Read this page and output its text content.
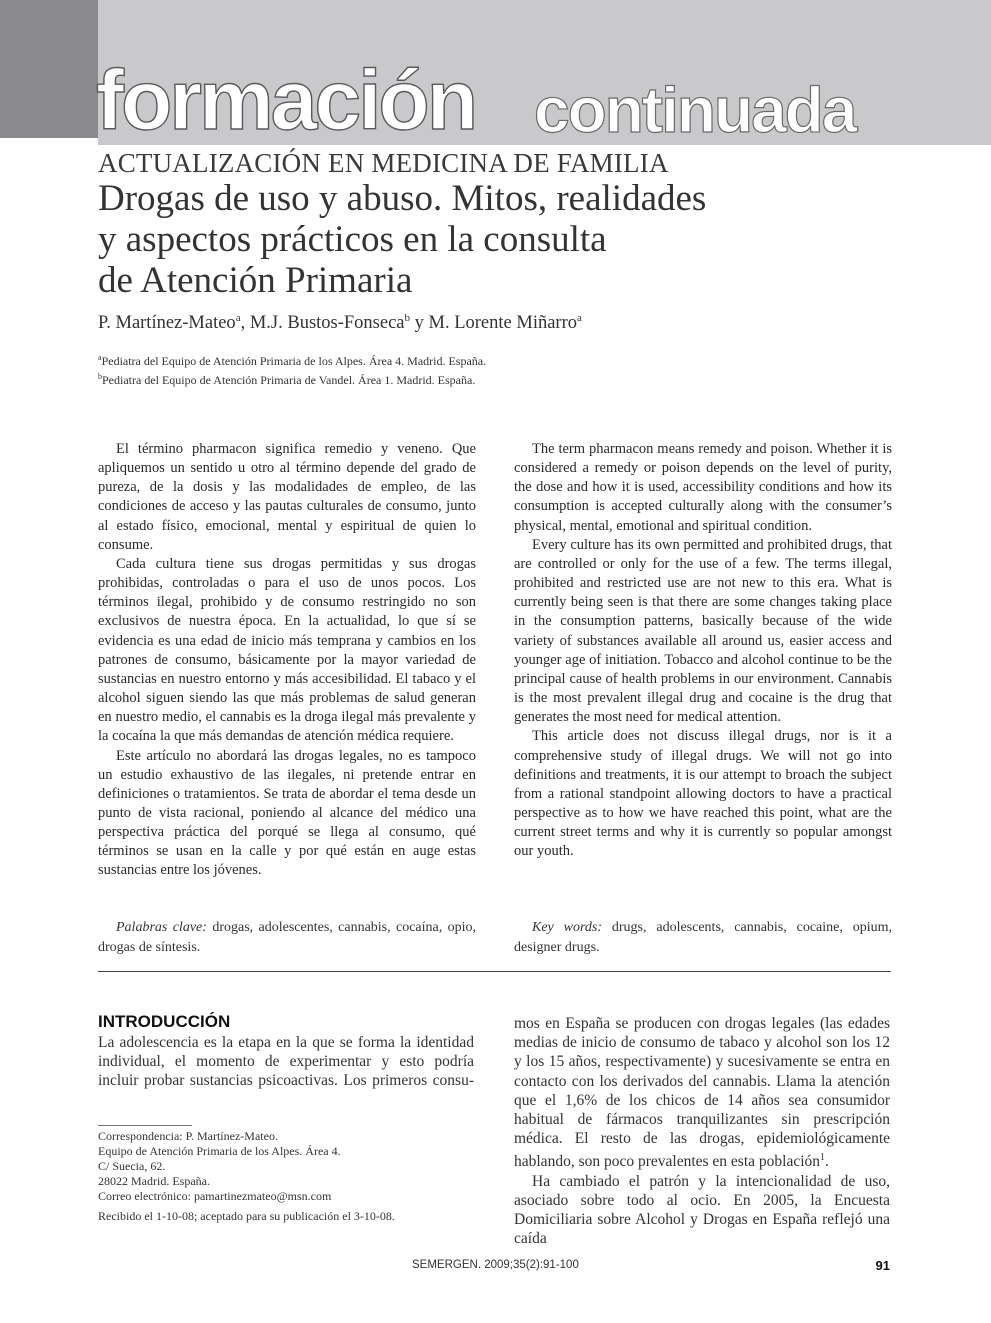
formación continuada
ACTUALIZACIÓN EN MEDICINA DE FAMILIA
Drogas de uso y abuso. Mitos, realidades
y aspectos prácticos en la consulta
de Atención Primaria
P. Martínez-Mateo$^a$, M.J. Bustos-Fonseca$^b$ y M. Lorente Miñarro$^a$
$^a$Pediatra del Equipo de Atención Primaria de los Alpes. Área 4. Madrid. España.
$^b$Pediatra del Equipo de Atención Primaria de Vandel. Área 1. Madrid. España.

El término pharmacon significa remedio y veneno. Que apliquemos un sentido u otro al término depende del grado de pureza, de la dosis y las modalidades de empleo, de las condiciones de acceso y las pautas culturales de consumo, junto al estado físico, emocional, mental y espiritual de quien lo consume.

Cada cultura tiene sus drogas permitidas y sus drogas prohibidas, controladas o para el uso de unos pocos. Los términos ilegal, prohibido y de consumo restringido no son exclusivos de nuestra época. En la actualidad, lo que sí se evidencia es una edad de inicio más temprana y cambios en los patrones de consumo, básicamente por la mayor variedad de sustancias en nuestro entorno y más accesibilidad. El tabaco y el alcohol siguen siendo las que más problemas de salud generan en nuestro medio, el cannabis es la droga ilegal más prevalente y la cocaína la que más demandas de atención médica requiere.

Este artículo no abordará las drogas legales, no es tampoco un estudio exhaustivo de las ilegales, ni pretende entrar en definiciones o tratamientos. Se trata de abordar el tema desde un punto de vista racional, poniendo al alcance del médico una perspectiva práctica del porqué se llega al consumo, qué términos se usan en la calle y por qué están en auge estas sustancias entre los jóvenes.

The term pharmacon means remedy and poison. Whether it is considered a remedy or poison depends on the level of purity, the dose and how it is used, accessibility conditions and how its consumption is accepted culturally along with the consumer’s physical, mental, emotional and spiritual condition.

Every culture has its own permitted and prohibited drugs, that are controlled or only for the use of a few. The terms illegal, prohibited and restricted use are not new to this era. What is currently being seen is that there are some changes taking place in the consumption patterns, basically because of the wide variety of substances available all around us, easier access and younger age of initiation. Tobacco and alcohol continue to be the principal cause of health problems in our environment. Cannabis is the most prevalent illegal drug and cocaine is the drug that generates the most need for medical attention.

This article does not discuss illegal drugs, nor is it a comprehensive study of illegal drugs. We will not go into definitions and treatments, it is our attempt to broach the subject from a rational standpoint allowing doctors to have a practical perspective as to how we have reached this point, what are the current street terms and why it is currently so popular amongst our youth.

Palabras clave: drogas, adolescentes, cannabis, cocaína, opio, drogas de síntesis.
Key words: drugs, adolescents, cannabis, cocaine, opium, designer drugs.
INTRODUCCIÓN

La adolescencia es la etapa en la que se forma la identidad individual, el momento de experimentar y esto podría incluir probar sustancias psicoactivas. Los primeros consu-

mos en España se producen con drogas legales (las edades medias de inicio de consumo de tabaco y alcohol son los 12 y los 15 años, respectivamente) y sucesivamente se entra en contacto con los derivados del cannabis. Llama la atención que el 1,6% de los chicos de 14 años sea consumidor habitual de fármacos tranquilizantes sin prescripción médica. El resto de las drogas, epidemiológicamente hablando, son poco prevalentes en esta población$^1$.

Ha cambiado el patrón y la intencionalidad de uso, asociado sobre todo al ocio. En 2005, la Encuesta Domiciliaria sobre Alcohol y Drogas en España reflejó una caída

Correspondencia: P. Martínez-Mateo.
Equipo de Atención Primaria de los Alpes. Área 4.
C/ Suecia, 62.
28022 Madrid. España.
Correo electrónico: pamartinezmateo@msn.com
Recibido el 1-10-08; aceptado para su publicación el 3-10-08.
SEMERGEN. 2009;35(2):91-100	91
